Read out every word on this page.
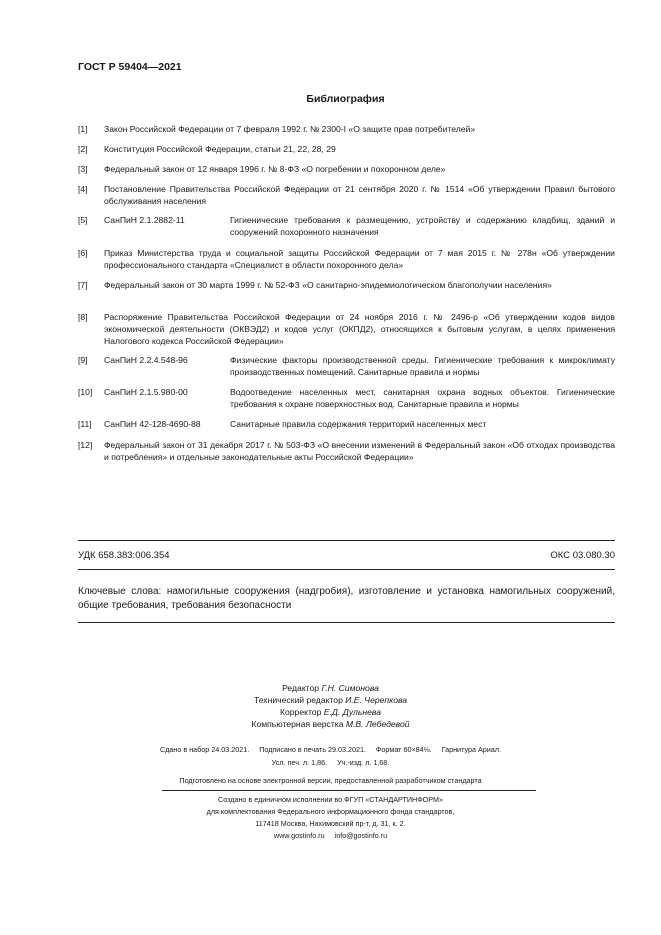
ГОСТ Р 59404—2021
Библиография
[1] Закон Российской Федерации от 7 февраля 1992 г. № 2300-I «О защите прав потребителей»
[2] Конституция Российской Федерации, статьи 21, 22, 28, 29
[3] Федеральный закон от 12 января 1996 г. № 8-ФЗ «О погребении и похоронном деле»
[4] Постановление Правительства Российской Федерации от 21 сентября 2020 г. № 1514 «Об утверждении Правил бытового обслуживания населения
[5] СанПиН 2.1.2882-11	Гигиенические требования к размещению, устройству и содержанию кладбищ, зданий и сооружений похоронного назначения
[6] Приказ Министерства труда и социальной защиты Российской Федерации от 7 мая 2015 г. № 278н «Об утверждении профессионального стандарта «Специалист в области похоронного дела»
[7] Федеральный закон от 30 марта 1999 г. № 52-ФЗ «О санитарно-эпидемиологическом благополучии населения»
[8] Распоряжение Правительства Российской Федерации от 24 ноября 2016 г. № 2496-р «Об утверждении кодов видов экономической деятельности (ОКВЭД2) и кодов услуг (ОКПД2), относящихся к бытовым услугам, в целях применения Налогового кодекса Российской Федерации»
[9] СанПиН 2.2.4.548-96	Физические факторы производственной среды. Гигиенические требования к микроклимату производственных помещений. Санитарные правила и нормы
[10] СанПиН 2.1.5.980-00	Водоотведение населенных мест, санитарная охрана водных объектов. Гигиенические требования к охране поверхностных вод. Санитарные правила и нормы
[11] СанПиН 42-128-4690-88	Санитарные правила содержания территорий населенных мест
[12] Федеральный закон от 31 декабря 2017 г. № 503-ФЗ «О внесении изменений в Федеральный закон «Об отходах производства и потребления» и отдельные законодательные акты Российской Федерации»
УДК 658.383:006.354	ОКС 03.080.30
Ключевые слова: намогильные сооружения (надгробия), изготовление и установка намогильных сооружений, общие требования, требования безопасности
Редактор Г.Н. Симонова
Технический редактор И.Е. Черепкова
Корректор Е.Д. Дульнева
Компьютерная верстка М.В. Лебедевой
Сдано в набор 24.03.2021.     Подписано в печать 29.03.2021.     Формат 60×84⅛.     Гарнитура Ариал.
Усл. печ. л. 1,86.     Уч.-изд. л. 1,68.
Подготовлено на основе электронной версии, предоставленной разработчиком стандарта
Создано в единичном исполнении во ФГУП «СТАНДАРТИНФОРМ»
для комплектования Федерального информационного фонда стандартов,
117418 Москва, Нахимовский пр-т, д. 31, к. 2.
www.gostinfo.ru     info@gostinfo.ru
